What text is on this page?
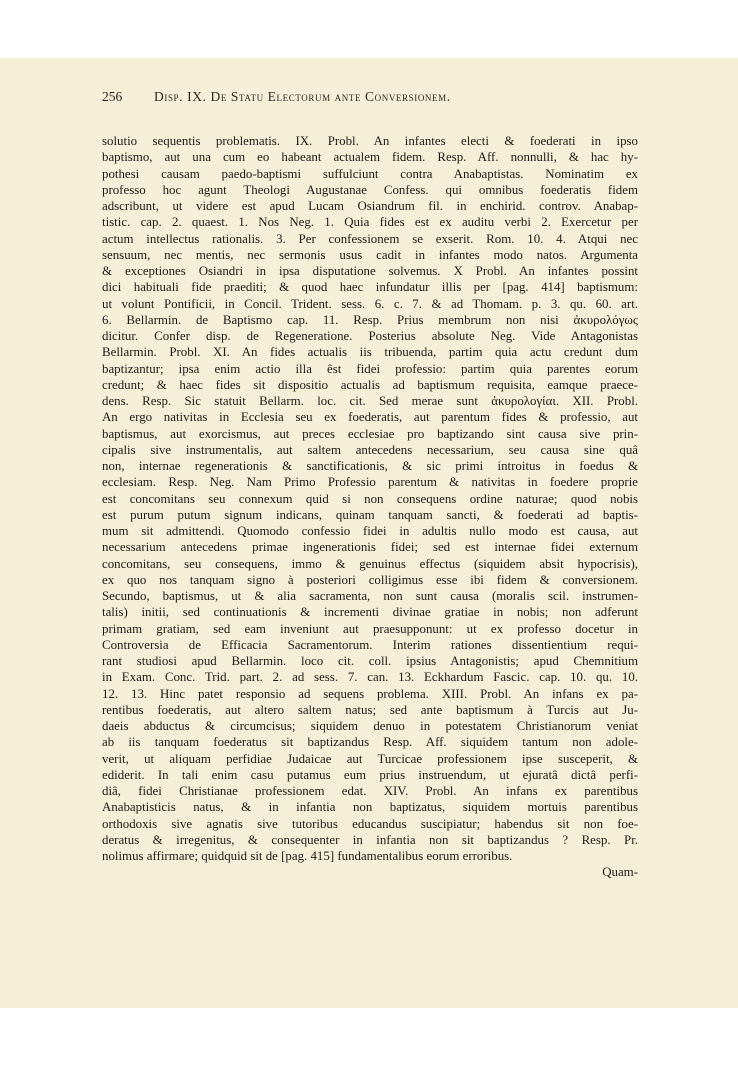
256 Disp. IX. De Statu Electorum ante Conversionem.
solutio sequentis problematis. IX. Probl. An infantes electi & foederati in ipso
baptismo, aut una cum eo habeant actualem fidem. Resp. Aff. nonnulli, & hac hy-
pothesi causam paedo-baptismi suffulciunt contra Anabaptistas. Nominatim ex
professo hoc agunt Theologi Augustanae Confess. qui omnibus foederatis fidem
adscribunt, ut videre est apud Lucam Osiandrum fil. in enchirid. controv. Anabap-
tistic. cap. 2. quaest. 1. Nos Neg. 1. Quia fides est ex auditu verbi 2. Exercetur per
actum intellectus rationalis. 3. Per confessionem se exserit. Rom. 10. 4. Atqui nec
sensuum, nec mentis, nec sermonis usus cadit in infantes modo natos. Argumenta
& exceptiones Osiandri in ipsa disputatione solvemus. X Probl. An infantes possint
dici habituali fide praediti; & quod haec infundatur illis per [pag. 414] baptismum:
ut volunt Pontificii, in Concil. Trident. sess. 6. c. 7. & ad Thomam. p. 3. qu. 60. art.
6. Bellarmin. de Baptismo cap. 11. Resp. Prius membrum non nisi ἀκυρολόγως
dicitur. Confer disp. de Regeneratione. Posterius absolute Neg. Vide Antagonistas
Bellarmin. Probl. XI. An fides actualis iis tribuenda, partim quia actu credunt dum
baptizantur; ipsa enim actio illa êst fidei professio: partim quia parentes eorum
credunt; & haec fides sit dispositio actualis ad baptismum requisita, eamque praece-
dens. Resp. Sic statuit Bellarm. loc. cit. Sed merae sunt ἀκυρολογίαι. XII. Probl.
An ergo nativitas in Ecclesia seu ex foederatis, aut parentum fides & professio, aut
baptismus, aut exorcismus, aut preces ecclesiae pro baptizando sint causa sive prin-
cipalis sive instrumentalis, aut saltem antecedens necessarium, seu causa sine quâ
non, internae regenerationis & sanctificationis, & sic primi introitus in foedus &
ecclesiam. Resp. Neg. Nam Primo Professio parentum & nativitas in foedere proprie
est concomitans seu connexum quid si non consequens ordine naturae; quod nobis
est purum putum signum indicans, quinam tanquam sancti, & foederati ad baptis-
mum sit admittendi. Quomodo confessio fidei in adultis nullo modo est causa, aut
necessarium antecedens primae ingenerationis fidei; sed est internae fidei externum
concomitans, seu consequens, immo & genuinus effectus (siquidem absit hypocrisis),
ex quo nos tanquam signo à posteriori colligimus esse ibi fidem & conversionem.
Secundo, baptismus, ut & alia sacramenta, non sunt causa (moralis scil. instrumen-
talis) initii, sed continuationis & incrementi divinae gratiae in nobis; non adferunt
primam gratiam, sed eam inveniunt aut praesupponunt: ut ex professo docetur in
Controversia de Efficacia Sacramentorum. Interim rationes dissentientium requi-
rant studiosi apud Bellarmin. loco cit. coll. ipsius Antagonistis; apud Chemnitium
in Exam. Conc. Trid. part. 2. ad sess. 7. can. 13. Eckhardum Fascic. cap. 10. qu. 10.
12. 13. Hinc patet responsio ad sequens problema. XIII. Probl. An infans ex pa-
rentibus foederatis, aut altero saltem natus; sed ante baptismum à Turcis aut Ju-
daeis abductus & circumcisus; siquidem denuo in potestatem Christianorum veniat
ab iis tanquam foederatus sit baptizandus Resp. Aff. siquidem tantum non adole-
verit, ut aliquam perfidiae Judaicae aut Turcicae professionem ipse susceperit, &
ediderit. In tali enim casu putamus eum prius instruendum, ut ejuratâ dictâ perfi-
diâ, fidei Christianae professionem edat. XIV. Probl. An infans ex parentibus
Anabaptisticis natus, & in infantia non baptizatus, siquidem mortuis parentibus
orthodoxis sive agnatis sive tutoribus educandus suscipiatur; habendus sit non foe-
deratus & irregenitus, & consequenter in infantia non sit baptizandus ? Resp. Pr.
nolimus affirmare; quidquid sit de [pag. 415] fundamentalibus eorum erroribus.
Quam-
